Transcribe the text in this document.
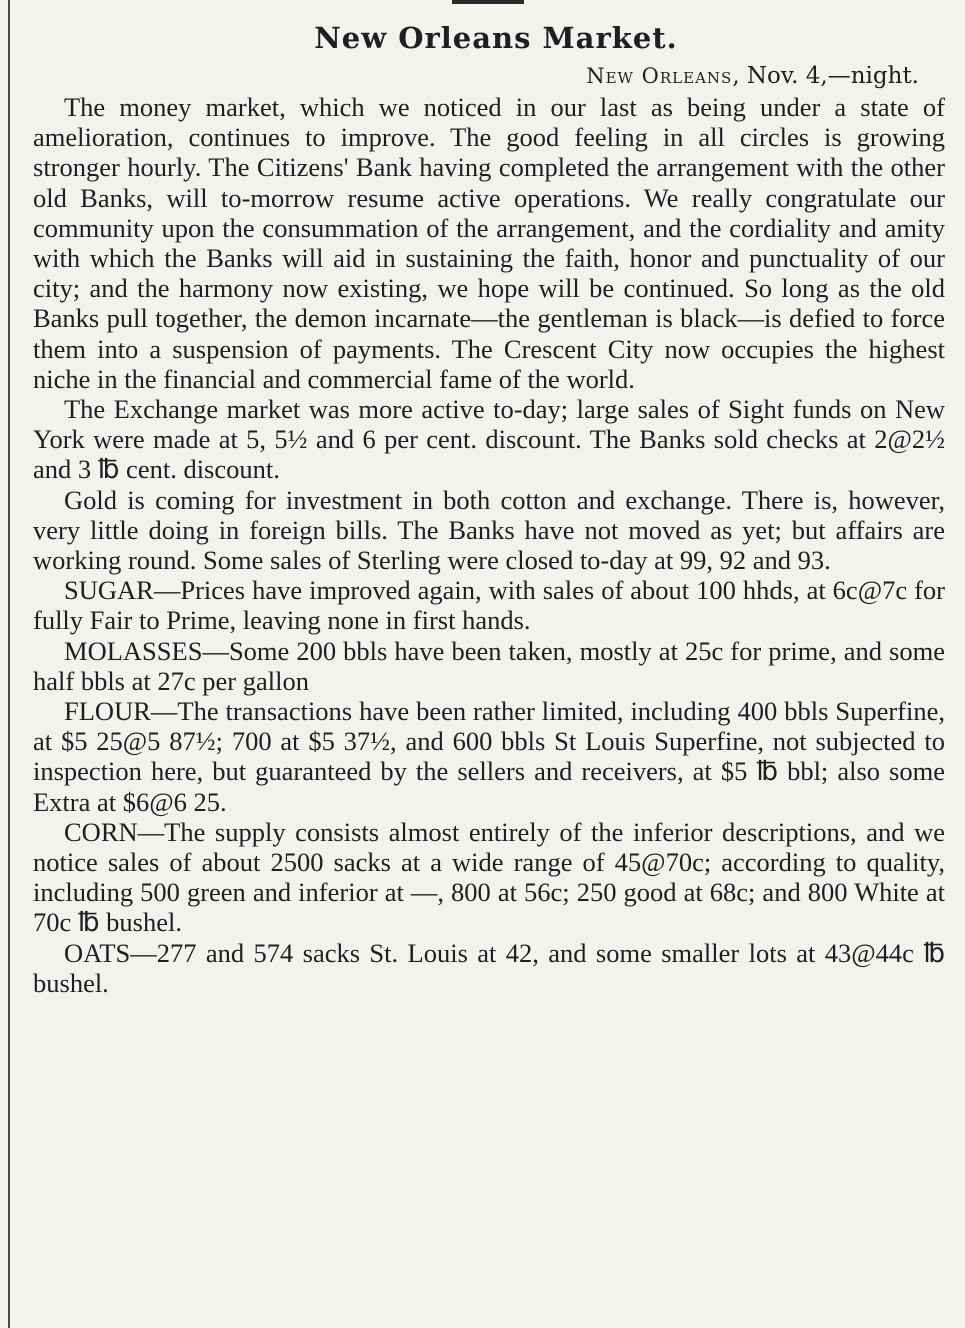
New Orleans Market.

New Orleans, Nov. 4,—night.

The money market, which we noticed in our last as being under a state of amelioration, continues to improve. The good feeling in all circles is growing stronger hourly. The Citizens' Bank having completed the arrangement with the other old Banks, will to-morrow resume active operations. We really congratulate our community upon the consummation of the arrangement, and the cordiality and amity with which the Banks will aid in sustaining the faith, honor and punctuality of our city; and the harmony now existing, we hope will be continued. So long as the old Banks pull together, the demon incarnate—the gentleman is black—is defied to force them into a suspension of payments. The Crescent City now occupies the highest niche in the financial and commercial fame of the world.

The Exchange market was more active to-day; large sales of Sight funds on New York were made at 5, 5½ and 6 per cent. discount. The Banks sold checks at 2@2½ and 3 ℔ cent. discount.

Gold is coming for investment in both cotton and exchange. There is, however, very little doing in foreign bills. The Banks have not moved as yet; but affairs are working round. Some sales of Sterling were closed to-day at 99, 92 and 93.

SUGAR—Prices have improved again, with sales of about 100 hhds, at 6c@7c for fully Fair to Prime, leaving none in first hands.

MOLASSES—Some 200 bbls have been taken, mostly at 25c for prime, and some half bbls at 27c per gallon

FLOUR—The transactions have been rather limited, including 400 bbls Superfine, at $5 25@5 87½; 700 at $5 37½, and 600 bbls St Louis Superfine, not subjected to inspection here, but guaranteed by the sellers and receivers, at $5 ℔ bbl; also some Extra at $6@6 25.

CORN—The supply consists almost entirely of the inferior descriptions, and we notice sales of about 2500 sacks at a wide range of 45@70c; according to quality, including 500 green and inferior at —, 800 at 56c; 250 good at 68c; and 800 White at 70c ℔ bushel.

OATS—277 and 574 sacks St. Louis at 42, and some smaller lots at 43@44c ℔ bushel.
